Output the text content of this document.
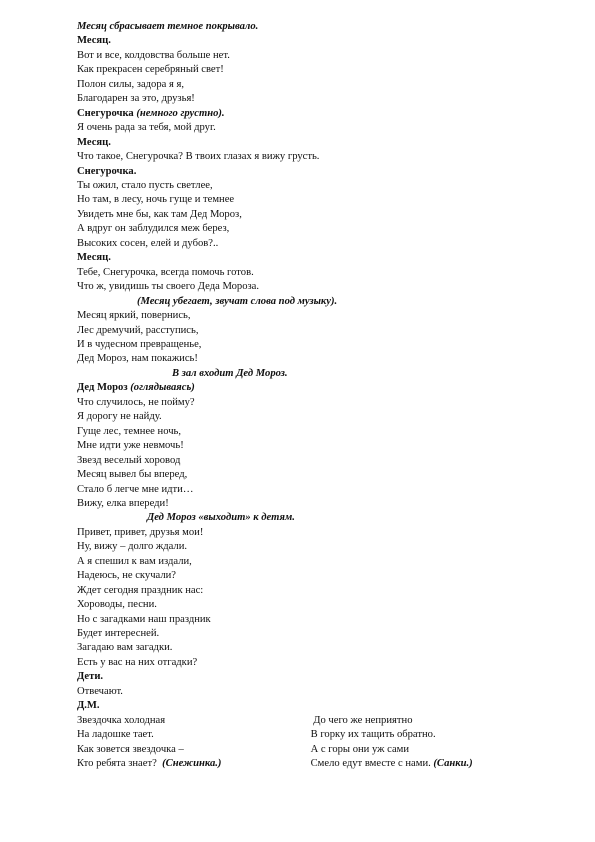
Месяц сбрасывает темное покрывало.
Месяц.
Вот и все, колдовства больше нет.
Как прекрасен серебряный свет!
Полон силы, задора я я,
Благодарен за это, друзья!
Снегурочка (немного грустно).
Я очень рада за тебя, мой друг.
Месяц.
Что такое, Снегурочка? В твоих глазах я вижу грусть.
Снегурочка.
Ты ожил, стало пусть светлее,
Но там, в лесу, ночь гуще и темнее
Увидеть мне бы, как там Дед Мороз,
А вдруг он заблудился меж берез,
Высоких сосен, елей и дубов?..
Месяц.
Тебе, Снегурочка, всегда помочь готов.
Что ж, увидишь ты своего Деда Мороза.
(Месяц убегает, звучат слова под музыку).
Месяц яркий, повернись,
Лес дремучий, расступись,
И в чудесном превращенье,
Дед Мороз, нам покажись!
В зал входит Дед Мороз.
Дед Мороз (оглядываясь)
Что случилось, не пойму?
Я дорогу не найду.
Гуще лес, темнее ночь,
Мне идти уже невмочь!
Звезд веселый хоровод
Месяц вывел бы вперед,
Стало б легче мне идти…
Вижу, елка впереди!
Дед Мороз «выходит» к детям.
Привет, привет, друзья мои!
Ну, вижу – долго ждали.
А я спешил к вам издали,
Надеюсь, не скучали?
Ждет сегодня праздник нас:
Хороводы, песни.
Но с загадками наш праздник
Будет интересней.
Загадаю вам загадки.
Есть у вас на них отгадки?
Дети.
Отвечают.
Д.М.
Звездочка холодная
На ладошке тает.
Как зовется звездочка –
Кто ребята знает?  (Снежинка.)
До чего же неприятно
В горку их тащить обратно.
А с горы они уж сами
Смело едут вместе с нами. (Санки.)
